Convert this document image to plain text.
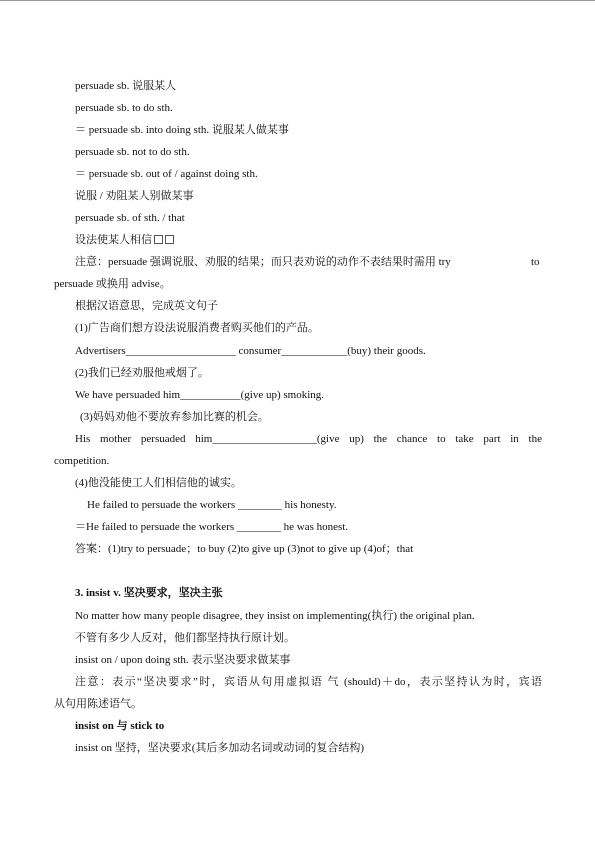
persuade sb. 说服某人
persuade sb. to do sth.
＝ persuade sb. into doing sth. 说服某人做某事
persuade sb. not to do sth.
＝ persuade sb. out of / against doing sth.
说服 / 劝阻某人别做某事
persuade sb. of sth. / that
设法使某人相信
注意：persuade 强调说服、劝服的结果；而只表劝说的动作不表结果时需用 try	to
persuade 或换用 advise。
根据汉语意思，完成英文句子
(1)广告商们想方设法说服消费者购买他们的产品。
Advertisers____________________ consumer____________(buy) their goods.
(2)我们已经劝服他戒烟了。
We have persuaded him___________(give up) smoking.
(3)妈妈劝他不要放弃参加比赛的机会。
His mother persuaded him___________________(give up) the chance to take part in the
competition.
(4)他没能使工人们相信他的诚实。
He failed to persuade the workers ________ his honesty.
＝He failed to persuade the workers ________ he was honest.
答案：(1)try to persuade；to buy (2)to give up (3)not to give up (4)of；that
3. insist v. 坚决要求，坚决主张
No matter how many people disagree, they insist on implementing(执行) the original plan.
不管有多少人反对，他们都坚持执行原计划。
insist on / upon doing sth. 表示坚决要求做某事
注意：表示“坚决要求”时，宾语从句用虚拟语 气 (should)＋do，表示坚持认为时，宾语
从句用陈述语气。
insist on 与 stick to
insist on 坚持，坚决要求(其后多加动名词或动词的复合结构)
